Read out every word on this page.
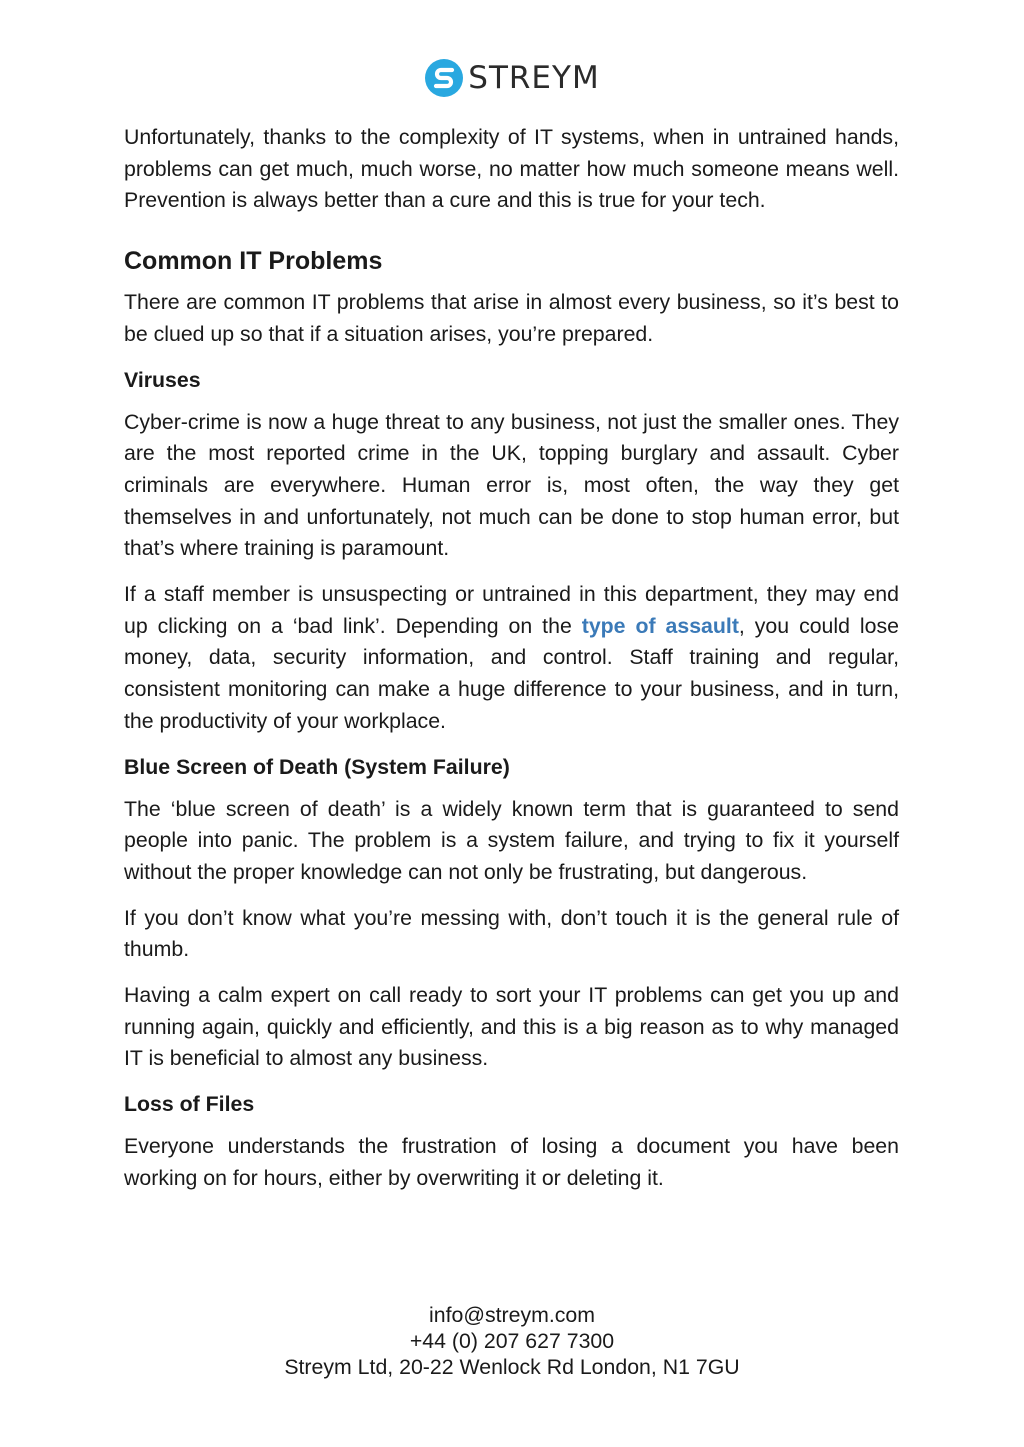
STREYM

Unfortunately, thanks to the complexity of IT systems, when in untrained hands, problems can get much, much worse, no matter how much someone means well. Prevention is always better than a cure and this is true for your tech.

Common IT Problems

There are common IT problems that arise in almost every business, so it’s best to be clued up so that if a situation arises, you’re prepared.

Viruses

Cyber-crime is now a huge threat to any business, not just the smaller ones. They are the most reported crime in the UK, topping burglary and assault. Cyber criminals are everywhere. Human error is, most often, the way they get themselves in and unfortunately, not much can be done to stop human error, but that’s where training is paramount.

If a staff member is unsuspecting or untrained in this department, they may end up clicking on a ‘bad link’. Depending on the type of assault, you could lose money, data, security information, and control. Staff training and regular, consistent monitoring can make a huge difference to your business, and in turn, the productivity of your workplace.

Blue Screen of Death (System Failure)

The ‘blue screen of death’ is a widely known term that is guaranteed to send people into panic. The problem is a system failure, and trying to fix it yourself without the proper knowledge can not only be frustrating, but dangerous.

If you don’t know what you’re messing with, don’t touch it is the general rule of thumb.

Having a calm expert on call ready to sort your IT problems can get you up and running again, quickly and efficiently, and this is a big reason as to why managed IT is beneficial to almost any business.

Loss of Files

Everyone understands the frustration of losing a document you have been working on for hours, either by overwriting it or deleting it.

info@streym.com
+44 (0) 207 627 7300
Streym Ltd, 20-22 Wenlock Rd London, N1 7GU
